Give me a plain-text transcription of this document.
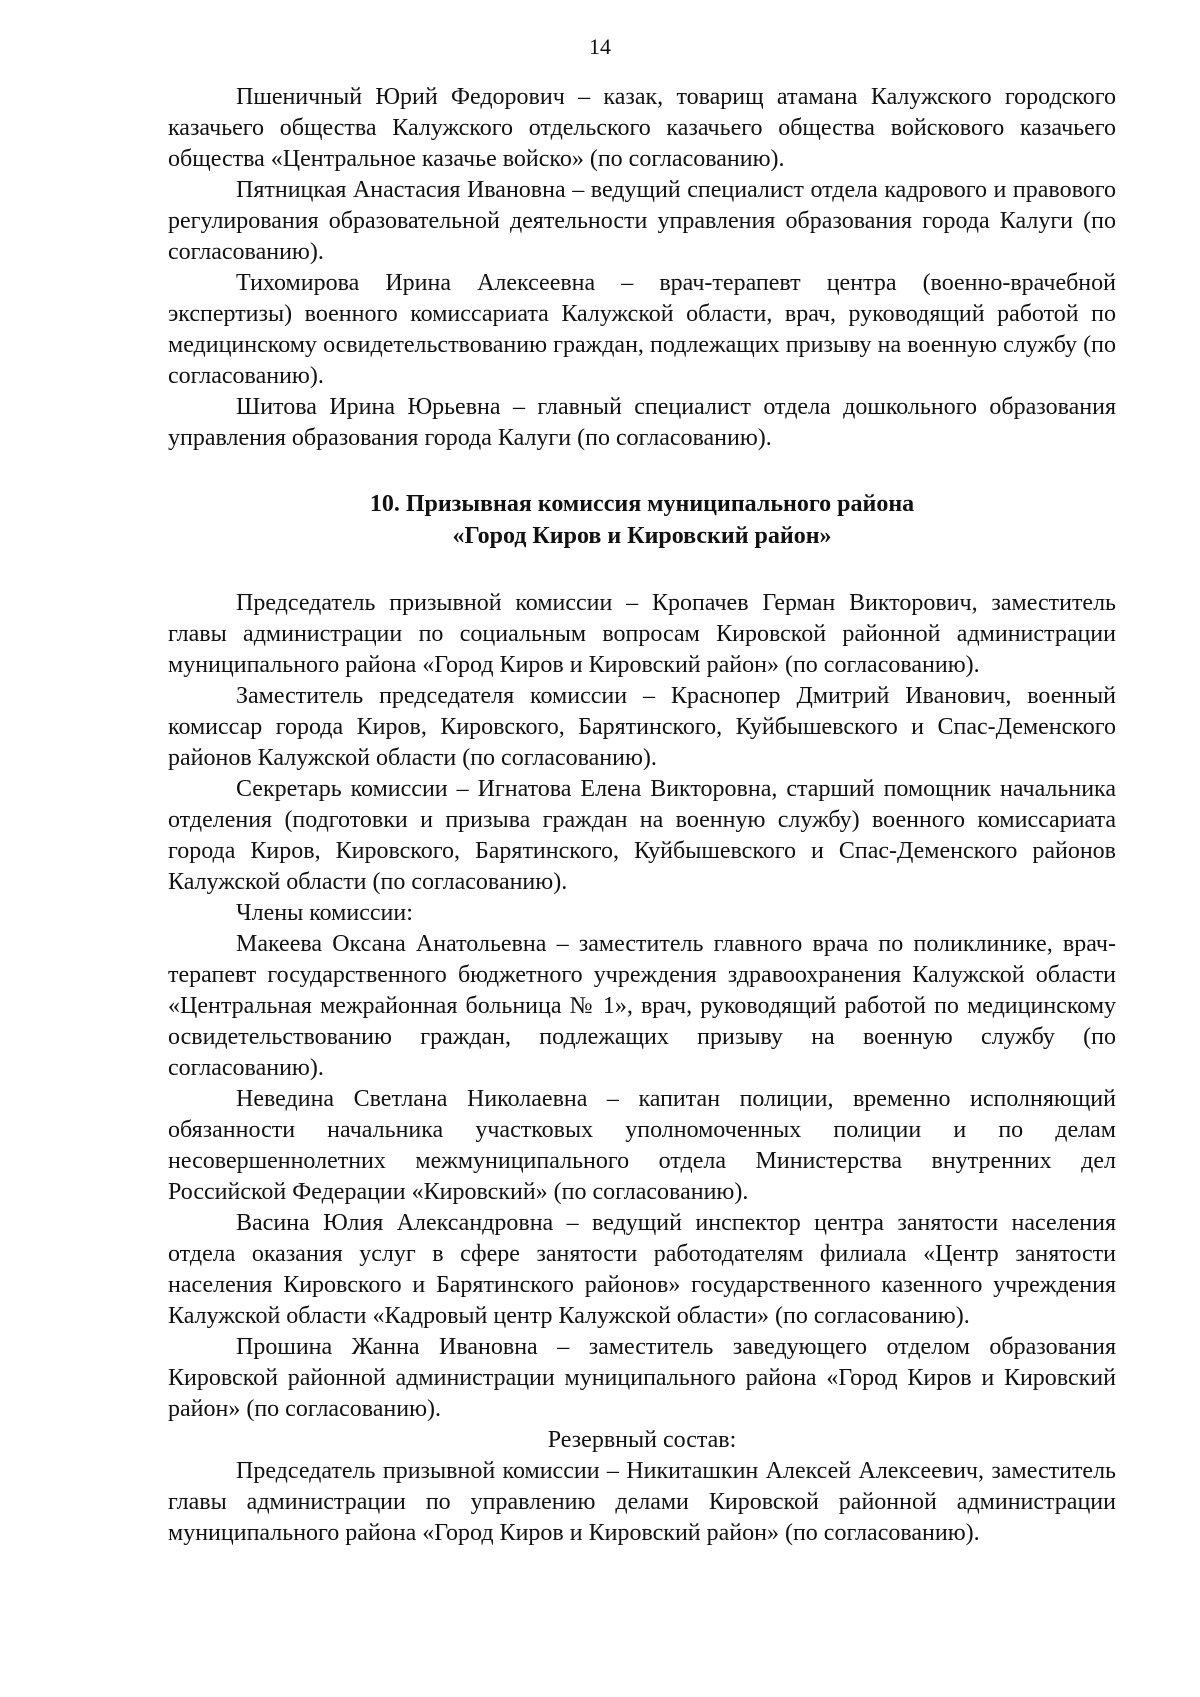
14

Пшеничный Юрий Федорович – казак, товарищ атамана Калужского городского казачьего общества Калужского отдельского казачьего общества войскового казачьего общества «Центральное казачье войско» (по согласованию).

Пятницкая Анастасия Ивановна – ведущий специалист отдела кадрового и правового регулирования образовательной деятельности управления образования города Калуги (по согласованию).

Тихомирова Ирина Алексеевна – врач-терапевт центра (военно-врачебной экспертизы) военного комиссариата Калужской области, врач, руководящий работой по медицинскому освидетельствованию граждан, подлежащих призыву на военную службу (по согласованию).

Шитова Ирина Юрьевна – главный специалист отдела дошкольного образования управления образования города Калуги (по согласованию).

10. Призывная комиссия муниципального района
«Город Киров и Кировский район»

Председатель призывной комиссии – Кропачев Герман Викторович, заместитель главы администрации по социальным вопросам Кировской районной администрации муниципального района «Город Киров и Кировский район» (по согласованию).

Заместитель председателя комиссии – Краснопер Дмитрий Иванович, военный комиссар города Киров, Кировского, Барятинского, Куйбышевского и Спас-Деменского районов Калужской области (по согласованию).

Секретарь комиссии – Игнатова Елена Викторовна, старший помощник начальника отделения (подготовки и призыва граждан на военную службу) военного комиссариата города Киров, Кировского, Барятинского, Куйбышевского и Спас-Деменского районов Калужской области (по согласованию).

Члены комиссии:

Макеева Оксана Анатольевна – заместитель главного врача по поликлинике, врач-терапевт государственного бюджетного учреждения здравоохранения Калужской области «Центральная межрайонная больница № 1», врач, руководящий работой по медицинскому освидетельствованию граждан, подлежащих призыву на военную службу (по согласованию).

Неведина Светлана Николаевна – капитан полиции, временно исполняющий обязанности начальника участковых уполномоченных полиции и по делам несовершеннолетних межмуниципального отдела Министерства внутренних дел Российской Федерации «Кировский» (по согласованию).

Васина Юлия Александровна – ведущий инспектор центра занятости населения отдела оказания услуг в сфере занятости работодателям филиала «Центр занятости населения Кировского и Барятинского районов» государственного казенного учреждения Калужской области «Кадровый центр Калужской области» (по согласованию).

Прошина Жанна Ивановна – заместитель заведующего отделом образования Кировской районной администрации муниципального района «Город Киров и Кировский район» (по согласованию).

Резервный состав:

Председатель призывной комиссии – Никиташкин Алексей Алексеевич, заместитель главы администрации по управлению делами Кировской районной администрации муниципального района «Город Киров и Кировский район» (по согласованию).
